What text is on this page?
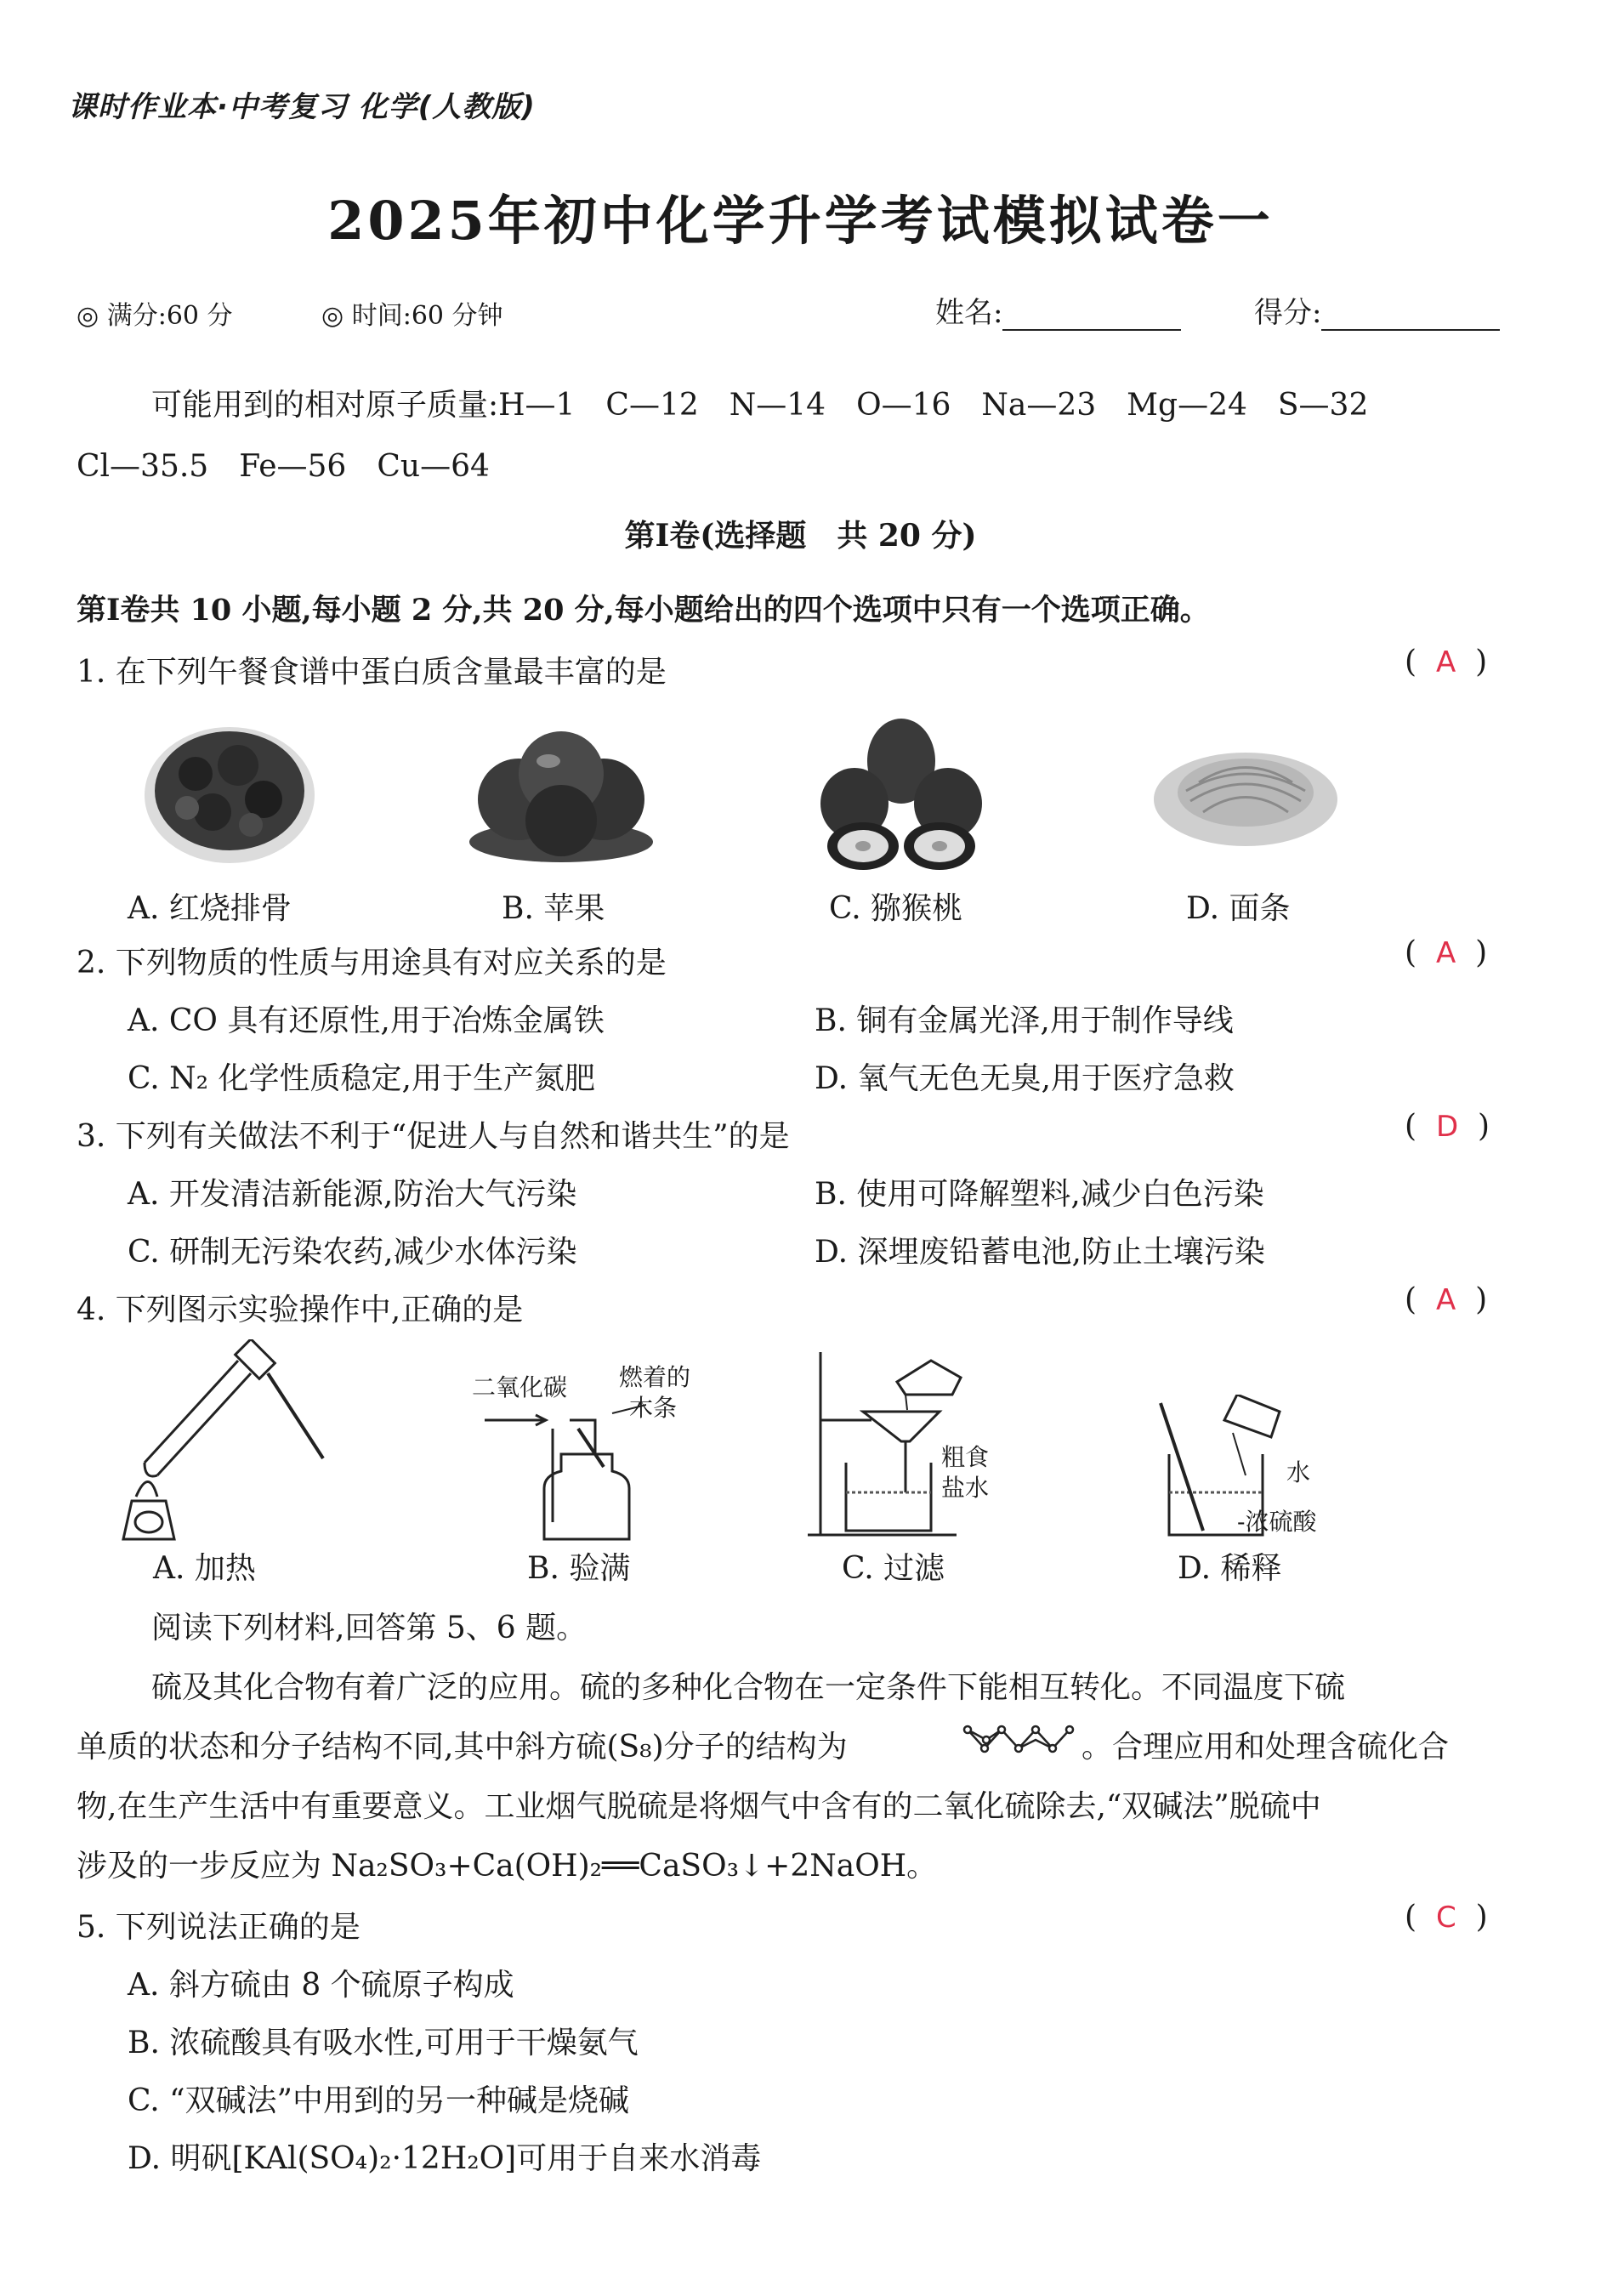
课时作业本·中考复习 化学(人教版)
2025年初中化学升学考试模拟试卷一
◎ 满分:60 分	◎ 时间:60 分钟	姓名:	得分:
可能用到的相对原子质量:H—1　C—12　N—14　O—16　Na—23　Mg—24　S—32
Cl—35.5　Fe—56　Cu—64
第Ⅰ卷(选择题　共 20 分)
第Ⅰ卷共 10 小题,每小题 2 分,共 20 分,每小题给出的四个选项中只有一个选项正确。
1. 在下列午餐食谱中蛋白质含量最丰富的是	(  A  )
A. 红烧排骨	B. 苹果	C. 猕猴桃	D. 面条
2. 下列物质的性质与用途具有对应关系的是	(  A  )
A. CO 具有还原性,用于冶炼金属铁	B. 铜有金属光泽,用于制作导线
C. N₂ 化学性质稳定,用于生产氮肥	D. 氧气无色无臭,用于医疗急救
3. 下列有关做法不利于“促进人与自然和谐共生”的是	(  D  )
A. 开发清洁新能源,防治大气污染	B. 使用可降解塑料,减少白色污染
C. 研制无污染农药,减少水体污染	D. 深埋废铅蓄电池,防止土壤污染
4. 下列图示实验操作中,正确的是	(  A  )
A. 加热
二氧化碳 燃着的
木条
B. 验满
粗食
盐水
C. 过滤
水
-浓硫酸
D. 稀释
阅读下列材料,回答第 5、6 题。
硫及其化合物有着广泛的应用。硫的多种化合物在一定条件下能相互转化。不同温度下硫
单质的状态和分子结构不同,其中斜方硫(S₈)分子的结构为	。合理应用和处理含硫化合
物,在生产生活中有重要意义。工业烟气脱硫是将烟气中含有的二氧化硫除去,“双碱法”脱硫中
涉及的一步反应为 Na₂SO₃+Ca(OH)₂══CaSO₃↓+2NaOH。
5. 下列说法正确的是	(  C  )
A. 斜方硫由 8 个硫原子构成
B. 浓硫酸具有吸水性,可用于干燥氨气
C. “双碱法”中用到的另一种碱是烧碱
D. 明矾[KAl(SO₄)₂·12H₂O]可用于自来水消毒
